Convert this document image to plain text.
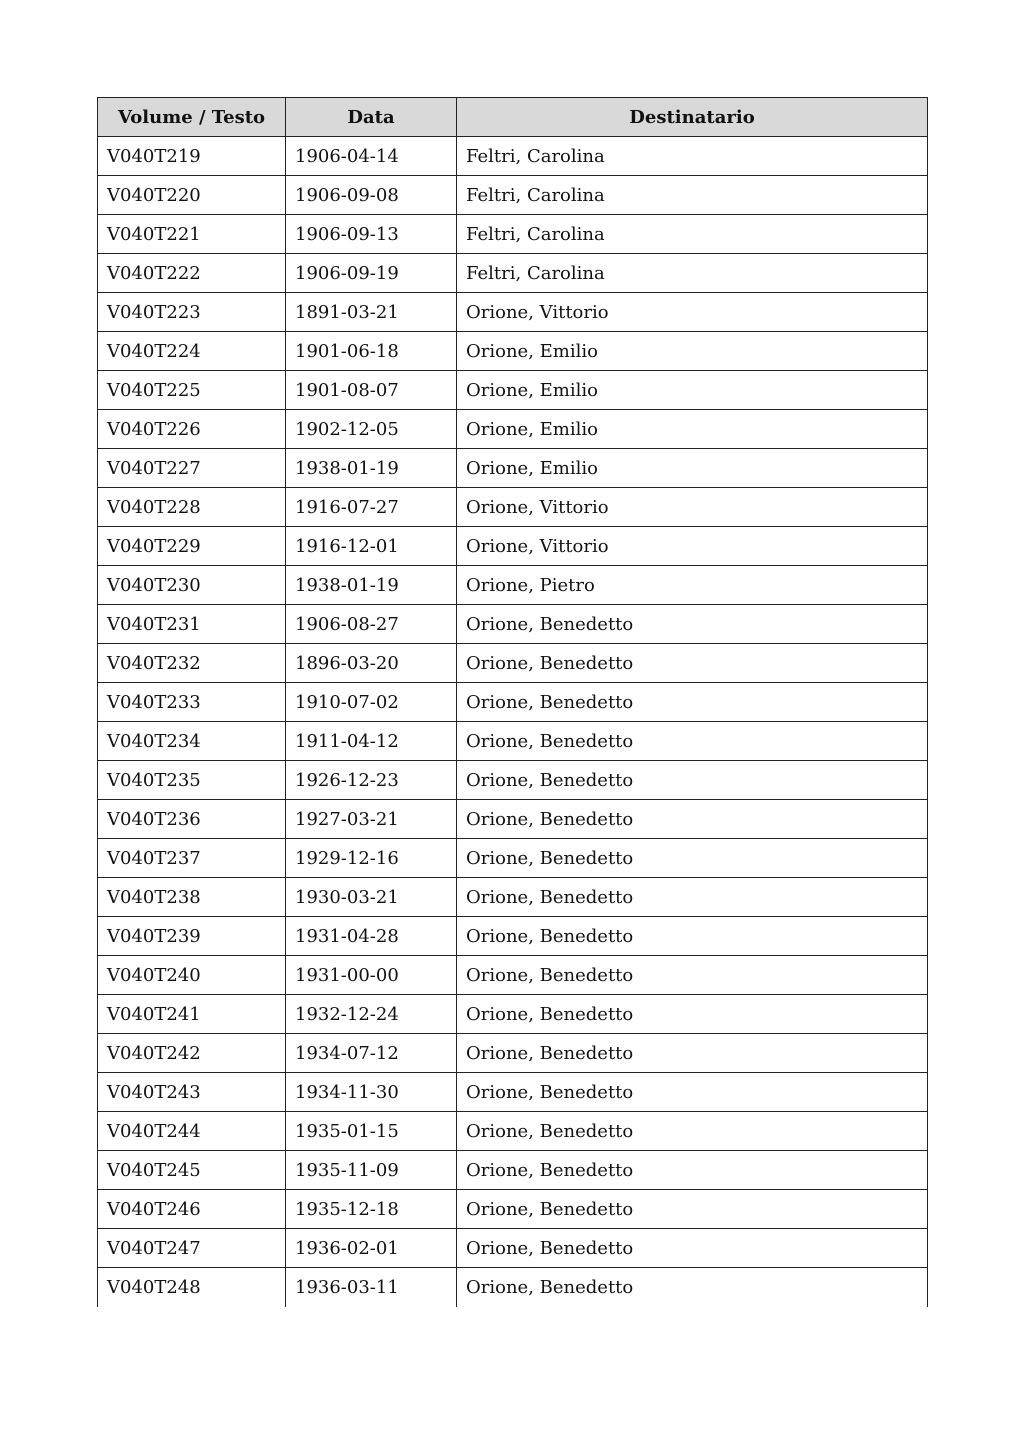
Volume / Testo	Data	Destinatario
V040T219	1906-04-14	Feltri, Carolina
V040T220	1906-09-08	Feltri, Carolina
V040T221	1906-09-13	Feltri, Carolina
V040T222	1906-09-19	Feltri, Carolina
V040T223	1891-03-21	Orione, Vittorio
V040T224	1901-06-18	Orione, Emilio
V040T225	1901-08-07	Orione, Emilio
V040T226	1902-12-05	Orione, Emilio
V040T227	1938-01-19	Orione, Emilio
V040T228	1916-07-27	Orione, Vittorio
V040T229	1916-12-01	Orione, Vittorio
V040T230	1938-01-19	Orione, Pietro
V040T231	1906-08-27	Orione, Benedetto
V040T232	1896-03-20	Orione, Benedetto
V040T233	1910-07-02	Orione, Benedetto
V040T234	1911-04-12	Orione, Benedetto
V040T235	1926-12-23	Orione, Benedetto
V040T236	1927-03-21	Orione, Benedetto
V040T237	1929-12-16	Orione, Benedetto
V040T238	1930-03-21	Orione, Benedetto
V040T239	1931-04-28	Orione, Benedetto
V040T240	1931-00-00	Orione, Benedetto
V040T241	1932-12-24	Orione, Benedetto
V040T242	1934-07-12	Orione, Benedetto
V040T243	1934-11-30	Orione, Benedetto
V040T244	1935-01-15	Orione, Benedetto
V040T245	1935-11-09	Orione, Benedetto
V040T246	1935-12-18	Orione, Benedetto
V040T247	1936-02-01	Orione, Benedetto
V040T248	1936-03-11	Orione, Benedetto
